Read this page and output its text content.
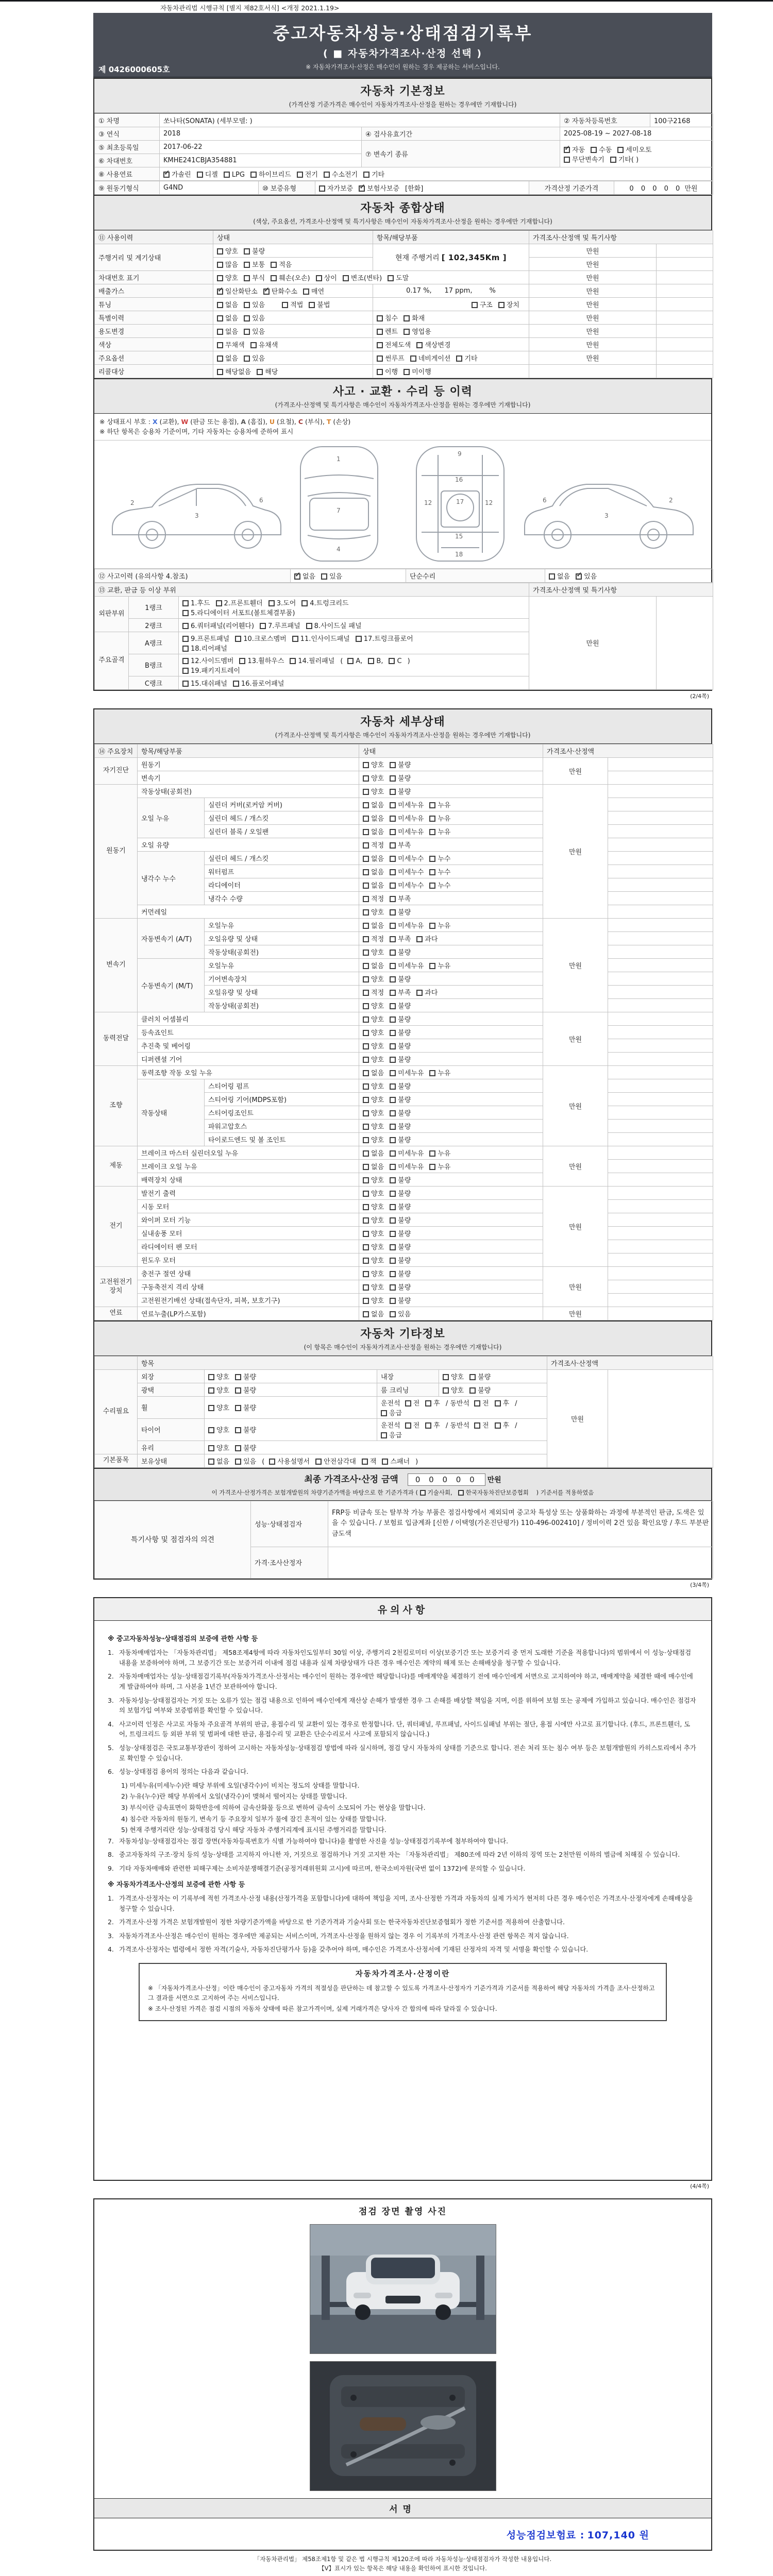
자동차관리법 시행규칙 [별지 제82호서식] <개정 2021.1.19>
중고자동차성능·상태점검기록부
( ■ 자동차가격조사·산정 선택 )
※ 자동차가격조사·산정은 매수인이 원하는 경우 제공하는 서비스입니다.
제 0426000605호
자동차 기본정보
(가격산정 기준가격은 매수인이 자동차가격조사·산정을 원하는 경우에만 기재합니다)
① 차명	쏘나타(SONATA) (세부모델: )		② 자동차등록번호	100구2168
③ 연식	2018	④ 검사유효기간	2025-08-19 ~ 2027-08-18	
⑤ 최초등록일	2017-06-22	⑦ 변속기 종류	
✓자동 수동 세미오토
무단변속기 기타( )

⑥ 차대번호	KMHE241CBJA354881			
⑧ 사용연료	✓가솔린 디젤 LPG 하이브리드 전기 수소전기 기타
⑨ 원동기형식	G4ND	⑩ 보증유형	자가보증 ✓ 보험사보증 [한화]	가격산정 기준가격	0 0 0 0 0 만원
자동차 종합상태
(색상, 주요옵션, 가격조사·산정액 및 특기사항은 매수인이 자동차가격조사·산정을 원하는 경우에만 기재합니다)
⑪ 사용이력	상태	항목/해당부품	가격조사·산정액 및 특기사항	
주행거리 및 계기상태	양호 불량	현재 주행거리 [ 102,345Km ]	만원	
	많음 보통 적음		만원	
차대번호 표기	양호 부식 훼손(오손) 상이 변조(변타) 도말		만원	
배출가스	✓일산화탄소 ✓ 탄화수소 매연	0.17 %,      17 ppm,        %	만원	
튜닝	없음 있음　 적법 불법	구조 장치	만원	
특별이력	없음 있음	침수 화재	만원	
용도변경	없음 있음	렌트 영업용	만원	
색상	무채색 유채색	전체도색 색상변경	만원	
주요옵션	없음 있음	썬루프 네비게이션 기타	만원	
리콜대상	해당없음 해당	이행 미이행		
사고 · 교환 · 수리 등 이력
(가격조사·산정액 및 특기사항은 매수인이 자동차가격조사·산정을 원하는 경우에만 기재합니다)
※ 상태표시 부호 : X (교환), W (판금 또는 용접), A (흠집), U (요철), C (부식), T (손상)
※ 하단 항목은 승용차 기준이며, 기타 자동차는 승용차에 준하여 표시
2
3
6
1
7
4
9
12	12
17
16
15
18
6
3
2
⑫ 사고이력 (유의사항 4.참조)	✓없음 있음	단순수리	없음 ✓ 있음
⑬ 교환, 판금 등 이상 부위			가격조사·산정액 및 특기사항	
외판부위	1랭크	1.후드 2.프론트휀더 3.도어 4.트렁크리드
5.라디에이터 서포트(볼트체결부품)	만원	
	2랭크	6.쿼터패널(리어휀다) 7.루프패널 8.사이드실 패널		
주요골격	A랭크	9.프론트패널 10.크로스멤버 11.인사이드패널 17.트렁크플로어
18.리어패널		

	B랭크	12.사이드멤버 13.휠하우스 14.필러패널 ( A, B, C )
19.패키지트레이		

	C랭크	15.대쉬패널 16.플로어패널		
(2/4쪽)
자동차 세부상태
(가격조사·산정액 및 특기사항은 매수인이 자동차가격조사·산정을 원하는 경우에만 기재합니다)
⑭ 주요장치	항목/해당부품		상태	가격조사·산정액	
자기진단	원동기		양호 불량	만원	
	변속기		양호 불량		
원동기	작동상태(공회전)		양호 불량	만원	
	오일 누유	실린더 커버(로커암 커버)	없음 미세누유 누유		
		실린더 헤드 / 개스킷	없음 미세누유 누유		
		실린더 블록 / 오일팬	없음 미세누유 누유		
	오일 유량		적정 부족		
	냉각수 누수	실린더 헤드 / 개스킷	없음 미세누수 누수		
		워터펌프	없음 미세누수 누수		
		라디에이터	없음 미세누수 누수		
		냉각수 수량	적정 부족		
	커먼레일		양호 불량		
변속기	자동변속기 (A/T)	오일누유	없음 미세누유 누유	만원	
		오일유량 및 상태	적정 부족 과다		
		작동상태(공회전)	양호 불량		
	수동변속기 (M/T)	오일누유	없음 미세누유 누유		
		기어변속장치	양호 불량		
		오일유량 및 상태	적정 부족 과다		
		작동상태(공회전)	양호 불량		
동력전달	클러치 어셈블리		양호 불량	만원	
	등속죠인트		양호 불량		
	추진축 및 베어링		양호 불량		
	디퍼렌셜 기어		양호 불량		
조향	동력조향 작동 오일 누유		없음 미세누유 누유	만원	
	작동상태	스티어링 펌프	양호 불량		
		스티어링 기어(MDPS포함)	양호 불량		
		스티어링조인트	양호 불량		
		파워고압호스	양호 불량		
		타이로드엔드 및 볼 조인트	양호 불량		
제동	브레이크 마스터 실린더오일 누유		없음 미세누유 누유	만원	
	브레이크 오일 누유		없음 미세누유 누유		
	배력장치 상태		양호 불량		
전기	발전기 출력		양호 불량	만원	
	시동 모터		양호 불량		
	와이퍼 모터 기능		양호 불량		
	실내송풍 모터		양호 불량		
	라디에이터 팬 모터		양호 불량		
	윈도우 모터		양호 불량		
고전원전기장치	충전구 절연 상태		양호 불량	만원	
	구동축전지 격리 상태		양호 불량		
	고전원전기배선 상태(접속단자, 피복, 보호기구)		양호 불량		
연료	연료누출(LP가스포함)		없음 있음	만원	
자동차 기타정보
(이 항목은 매수인이 자동차가격조사·산정을 원하는 경우에만 기재합니다)
	항목				가격조사·산정액	
수리필요	외장	양호 불량	내장	양호 불량	만원	
	광택	양호 불량	룸 크리닝	양호 불량		
	휠	양호 불량	운전석 전 후 / 동반석 전 후 /응급			
	타이어	양호 불량	운전석 전 후 / 동반석 전 후 /응급			
	유리	양호 불량				
기본품목	보유상태	없음 있음 ( 사용설명서 안전삼각대 잭 스패너 )				
최종 가격조사·산정 금액 0 0 0 0 0 만원
이 가격조사·산정가격은 보험개발원의 차량기준가액을 바탕으로 한 기준가격과 ( 기술사회, 한국자동차진단보증협회 ) 기준서를 적용하였음
특기사항 및 점검자의 의견	성능·상태점검자	FRP등 비금속 또는 탈부착 가능 부품은 점검사항에서 제외되며 중고차 특성상 또는 상품화하는 과정에 부분적인 판금, 도색은 있을 수 있습니다. / 보험료 입금계좌 [신한 / 이택영(가온진단평가) 110-496-002410] / 정비이력 2건 있음 확인요망 / 후드 부분판금도색
	가격·조사산정자	
(3/4쪽)
유의사항
※ 중고자동차성능·상태점검의 보증에 관한 사항 등
1. 자동차매매업자는 「자동차관리법」 제58조제4항에 따라 자동차인도일부터 30일 이상, 주행거리 2천킬로미터 이상(보증기간 또는 보증거리 중 먼저 도래한 기준을 적용합니다)의 범위에서 이 성능·상태점검 내용을 보증하여야 하며, 그 보증기간 또는 보증거리 이내에 점검 내용과 실제 차량상태가 다른 경우 매수인은 계약의 해제 또는 손해배상을 청구할 수 있습니다.
2. 자동차매매업자는 성능·상태점검기록부(자동차가격조사·산정서는 매수인이 원하는 경우에만 해당합니다)를 매매계약을 체결하기 전에 매수인에게 서면으로 고지하여야 하고, 매매계약을 체결한 때에 매수인에게 발급하여야 하며, 그 사본을 1년간 보관하여야 합니다.
3. 자동차성능·상태점검자는 거짓 또는 오류가 있는 점검 내용으로 인하여 매수인에게 재산상 손해가 발생한 경우 그 손해를 배상할 책임을 지며, 이를 위하여 보험 또는 공제에 가입하고 있습니다. 매수인은 점검자의 보험가입 여부와 보증범위를 확인할 수 있습니다.
4. 사고이력 인정은 사고로 자동차 주요골격 부위의 판금, 용접수리 및 교환이 있는 경우로 한정합니다. 단, 쿼터패널, 루프패널, 사이드실패널 부위는 절단, 용접 시에만 사고로 표기합니다. (후드, 프론트휀더, 도어, 트렁크리드 등 외판 부위 및 범퍼에 대한 판금, 용접수리 및 교환은 단순수리로서 사고에 포함되지 않습니다.)
5. 성능·상태점검은 국토교통부장관이 정하여 고시하는 자동차성능·상태점검 방법에 따라 실시하며, 점검 당시 자동차의 상태를 기준으로 합니다. 전손 처리 또는 침수 여부 등은 보험개발원의 카히스토리에서 추가로 확인할 수 있습니다.
6. 성능·상태점검 용어의 정의는 다음과 같습니다.
1) 미세누유(미세누수)란 해당 부위에 오일(냉각수)이 비치는 정도의 상태를 말합니다.
2) 누유(누수)란 해당 부위에서 오일(냉각수)이 맺혀서 떨어지는 상태를 말합니다.
3) 부식이란 금속표면이 화학반응에 의하여 금속산화물 등으로 변하여 금속이 소모되어 가는 현상을 말합니다.
4) 침수란 자동차의 원동기, 변속기 등 주요장치 일부가 물에 잠긴 흔적이 있는 상태를 말합니다.
5) 현재 주행거리란 성능·상태점검 당시 해당 자동차 주행거리계에 표시된 주행거리를 말합니다.
7. 자동차성능·상태점검자는 점검 장면(자동차등록번호가 식별 가능하여야 합니다)을 촬영한 사진을 성능·상태점검기록부에 첨부하여야 합니다.
8. 중고자동차의 구조·장치 등의 성능·상태를 고지하지 아니한 자, 거짓으로 점검하거나 거짓 고지한 자는 「자동차관리법」 제80조에 따라 2년 이하의 징역 또는 2천만원 이하의 벌금에 처해질 수 있습니다.
9. 기타 자동차매매와 관련한 피해구제는 소비자분쟁해결기준(공정거래위원회 고시)에 따르며, 한국소비자원(국번 없이 1372)에 문의할 수 있습니다.
※ 자동차가격조사·산정의 보증에 관한 사항 등
1. 가격조사·산정자는 이 기록부에 적힌 가격조사·산정 내용(산정가격을 포함합니다)에 대하여 책임을 지며, 조사·산정한 가격과 자동차의 실제 가치가 현저히 다른 경우 매수인은 가격조사·산정자에게 손해배상을 청구할 수 있습니다.
2. 가격조사·산정 가격은 보험개발원이 정한 차량기준가액을 바탕으로 한 기준가격과 기술사회 또는 한국자동차진단보증협회가 정한 기준서를 적용하여 산출합니다.
3. 자동차가격조사·산정은 매수인이 원하는 경우에만 제공되는 서비스이며, 가격조사·산정을 원하지 않는 경우 이 기록부의 가격조사·산정 관련 항목은 적지 않습니다.
4. 가격조사·산정자는 법령에서 정한 자격(기술사, 자동차진단평가사 등)을 갖추어야 하며, 매수인은 가격조사·산정서에 기재된 산정자의 자격 및 서명을 확인할 수 있습니다.
자동차가격조사·산정이란
※ 「자동차가격조사·산정」이란 매수인이 중고자동차 가격의 적절성을 판단하는 데 참고할 수 있도록 가격조사·산정자가 기준가격과 기준서를 적용하여 해당 자동차의 가격을 조사·산정하고 그 결과를 서면으로 고지하여 주는 서비스입니다.
※ 조사·산정된 가격은 점검 시점의 자동차 상태에 따른 참고가격이며, 실제 거래가격은 당사자 간 합의에 따라 달라질 수 있습니다.
(4/4쪽)
점검 장면 촬영 사진
서명
성능점검보험료 : 107,140 원
「자동차관리법」 제58조제1항 및 같은 법 시행규칙 제120조에 따라 자동차성능·상태점검자가 작성한 내용입니다.
【V】표시가 있는 항목은 해당 내용을 확인하여 표시한 것입니다.
